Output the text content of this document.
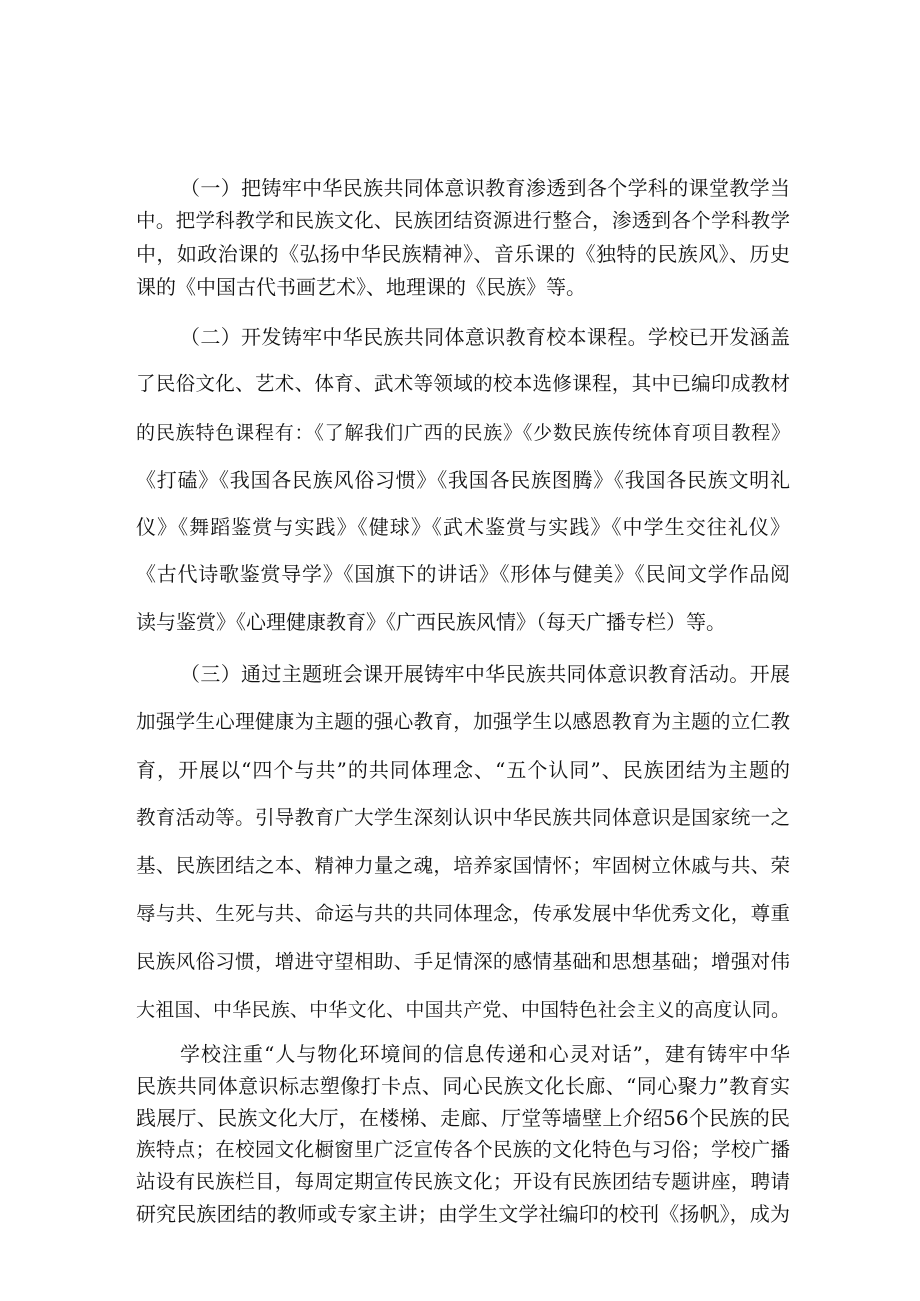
（一）把铸牢中华民族共同体意识教育渗透到各个学科的课堂教学当
中。把学科教学和民族文化、民族团结资源进行整合，渗透到各个学科教学
中，如政治课的《弘扬中华民族精神》、音乐课的《独特的民族风》、历史
课的《中国古代书画艺术》、地理课的《民族》等。
（二）开发铸牢中华民族共同体意识教育校本课程。学校已开发涵盖
了民俗文化、艺术、体育、武术等领域的校本选修课程，其中已编印成教材
的民族特色课程有：《了解我们广西的民族》《少数民族传统体育项目教程》
《打磕》《我国各民族风俗习惯》《我国各民族图腾》《我国各民族文明礼
仪》《舞蹈鉴赏与实践》《健球》《武术鉴赏与实践》《中学生交往礼仪》
《古代诗歌鉴赏导学》《国旗下的讲话》《形体与健美》《民间文学作品阅
读与鉴赏》《心理健康教育》《广西民族风情》（每天广播专栏）等。
（三）通过主题班会课开展铸牢中华民族共同体意识教育活动。开展
加强学生心理健康为主题的强心教育，加强学生以感恩教育为主题的立仁教
育，开展以“四个与共”的共同体理念、“五个认同”、民族团结为主题的
教育活动等。引导教育广大学生深刻认识中华民族共同体意识是国家统一之
基、民族团结之本、精神力量之魂，培养家国情怀；牢固树立休戚与共、荣
辱与共、生死与共、命运与共的共同体理念，传承发展中华优秀文化，尊重
民族风俗习惯，增进守望相助、手足情深的感情基础和思想基础；增强对伟
大祖国、中华民族、中华文化、中国共产党、中国特色社会主义的高度认同。
学校注重“人与物化环境间的信息传递和心灵对话”，建有铸牢中华
民族共同体意识标志塑像打卡点、同心民族文化长廊、“同心聚力”教育实
践展厅、民族文化大厅，在楼梯、走廊、厅堂等墙壁上介绍56个民族的民
族特点；在校园文化橱窗里广泛宣传各个民族的文化特色与习俗；学校广播
站设有民族栏目，每周定期宣传民族文化；开设有民族团结专题讲座，聘请
研究民族团结的教师或专家主讲；由学生文学社编印的校刊《扬帆》，成为
